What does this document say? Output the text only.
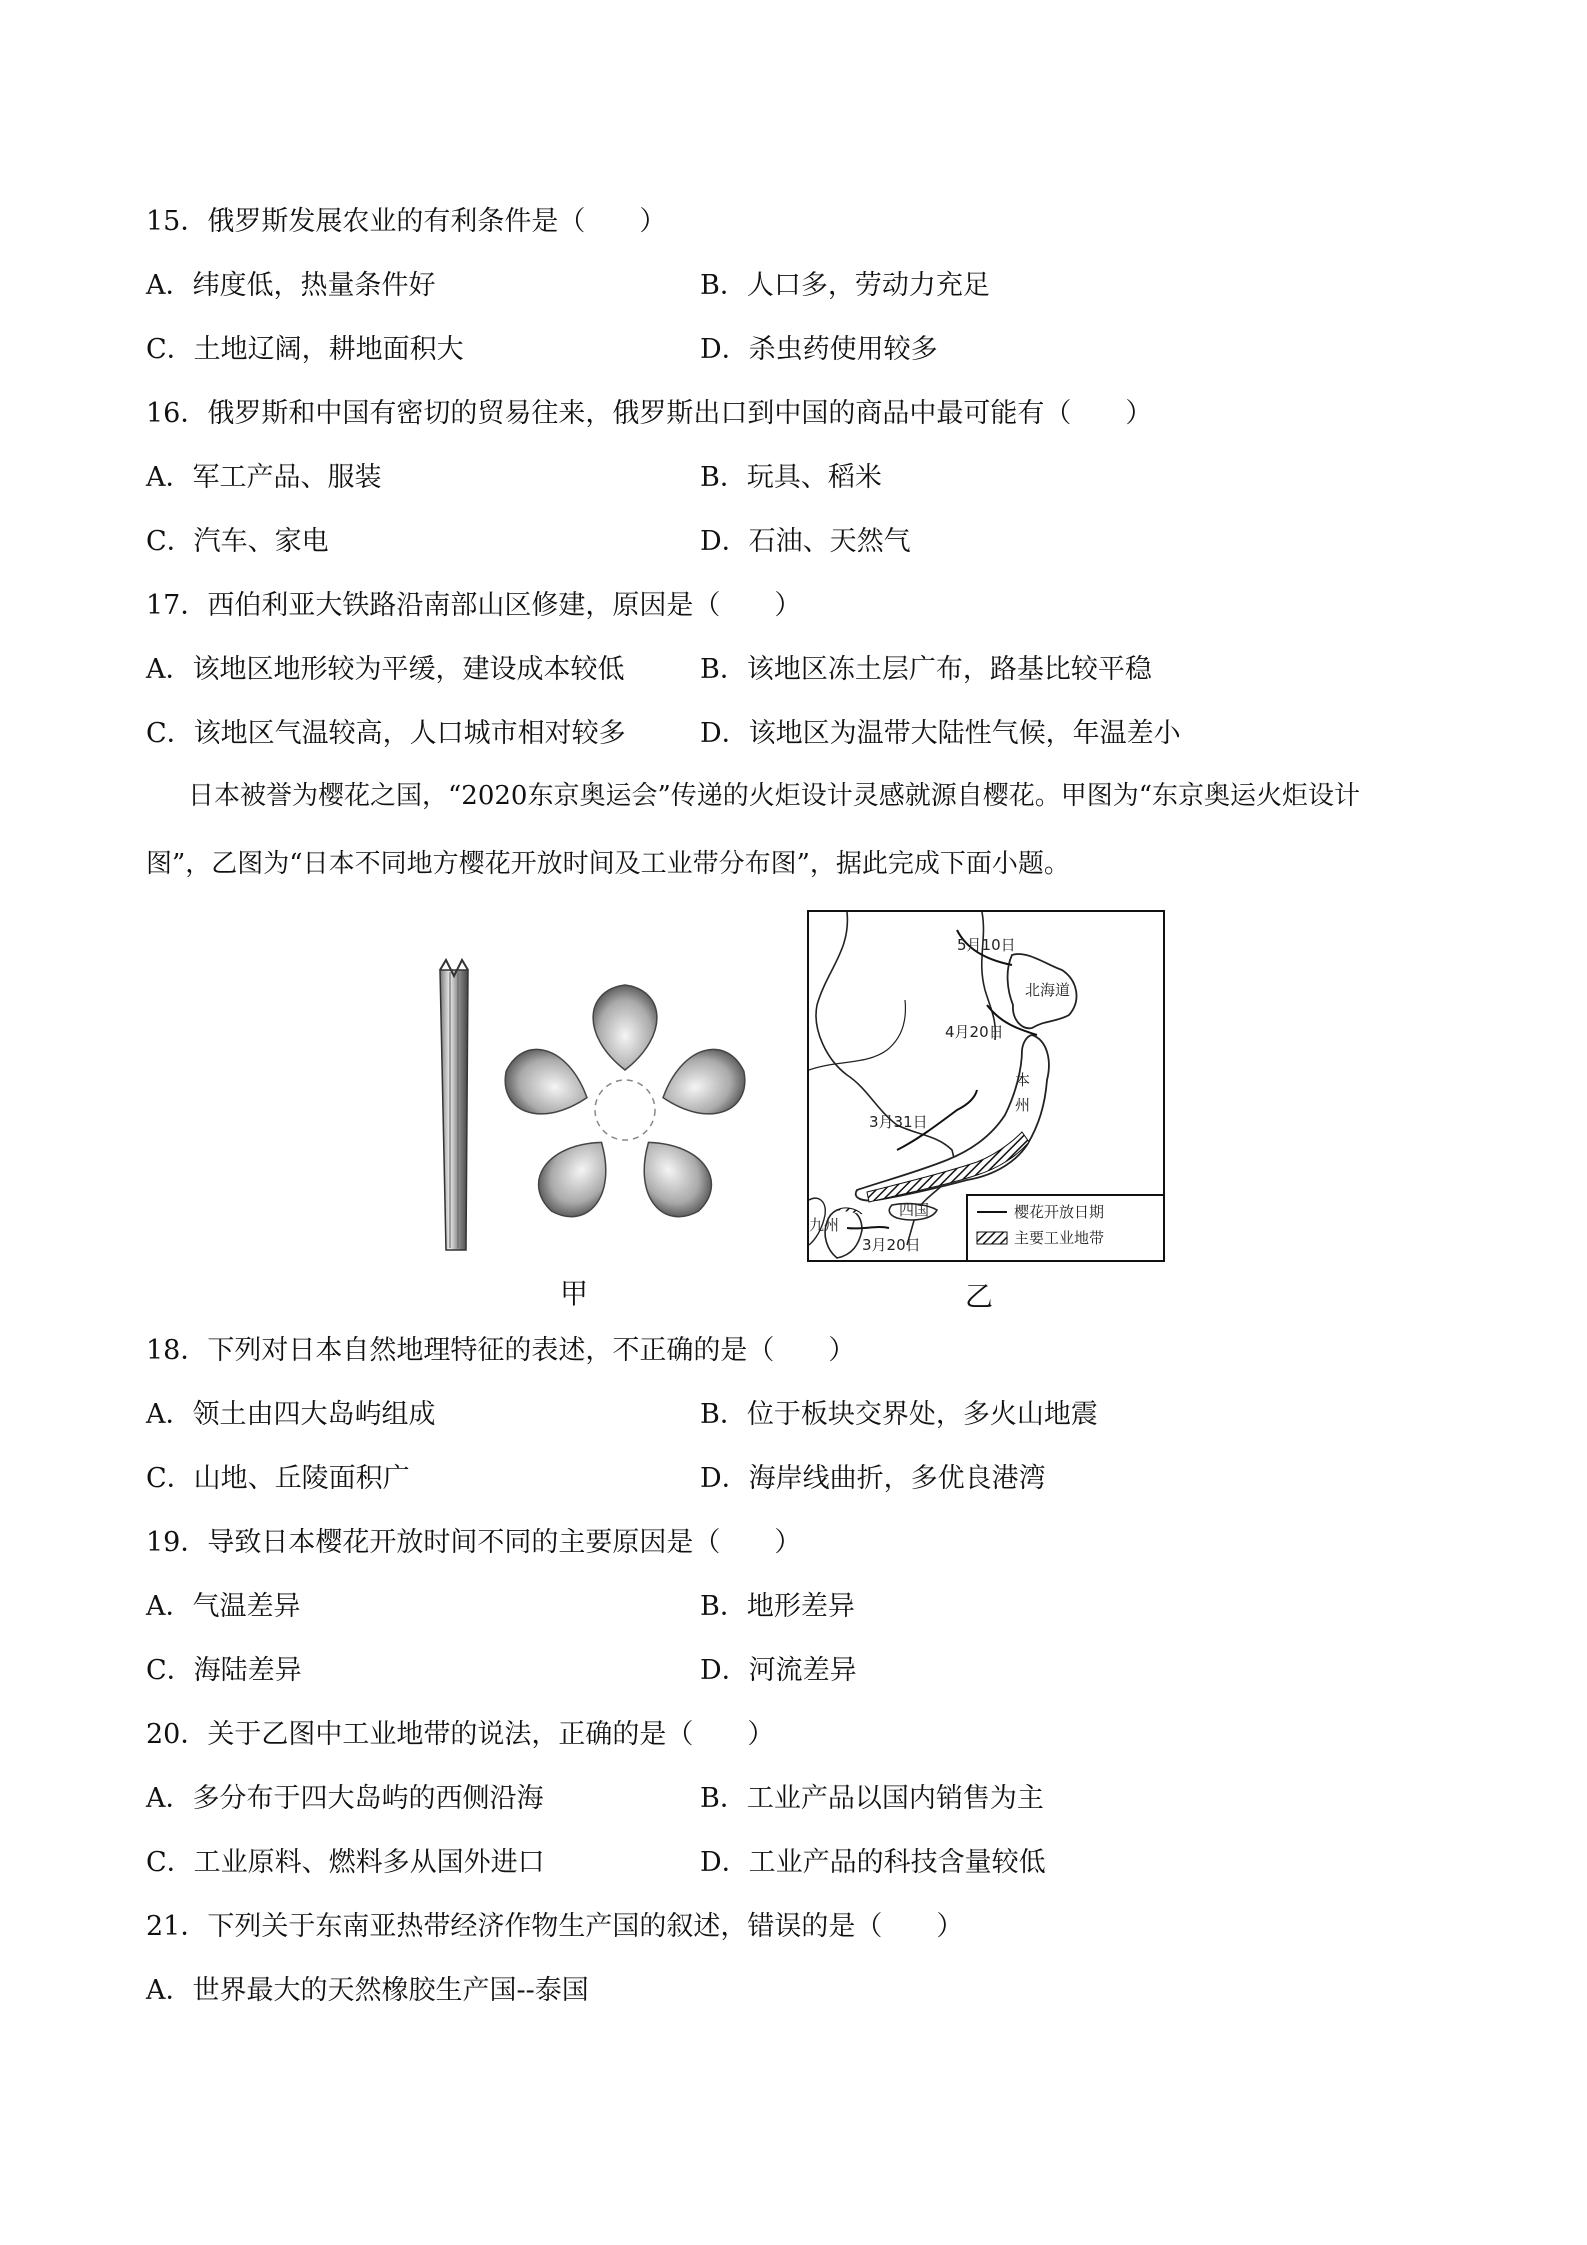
15．俄罗斯发展农业的有利条件是（　　）
A．纬度低，热量条件好	B．人口多，劳动力充足
C．土地辽阔，耕地面积大	D．杀虫药使用较多
16．俄罗斯和中国有密切的贸易往来，俄罗斯出口到中国的商品中最可能有（　　）
A．军工产品、服装	B．玩具、稻米
C．汽车、家电	D．石油、天然气
17．西伯利亚大铁路沿南部山区修建，原因是（　　）
A．该地区地形较为平缓，建设成本较低	B．该地区冻土层广布，路基比较平稳
C．该地区气温较高，人口城市相对较多	D．该地区为温带大陆性气候，年温差小
日本被誉为樱花之国，“2020东京奥运会”传递的火炬设计灵感就源自樱花。甲图为“东京奥运火炬设计
图”，乙图为“日本不同地方樱花开放时间及工业带分布图”，据此完成下面小题。
甲
5月10日
4月20日
3月31日
3月20日
北海道
本
州
四国
九州
樱花开放日期
主要工业地带
乙
18．下列对日本自然地理特征的表述，不正确的是（　　）
A．领土由四大岛屿组成	B．位于板块交界处，多火山地震
C．山地、丘陵面积广	D．海岸线曲折，多优良港湾
19．导致日本樱花开放时间不同的主要原因是（　　）
A．气温差异	B．地形差异
C．海陆差异	D．河流差异
20．关于乙图中工业地带的说法，正确的是（　　）
A．多分布于四大岛屿的西侧沿海	B．工业产品以国内销售为主
C．工业原料、燃料多从国外进口	D．工业产品的科技含量较低
21．下列关于东南亚热带经济作物生产国的叙述，错误的是（　　）
A．世界最大的天然橡胶生产国--泰国
